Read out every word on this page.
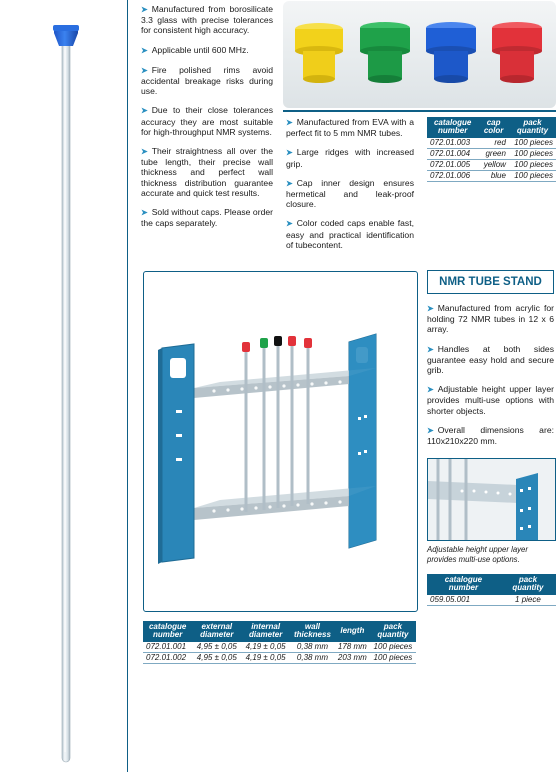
➤ Manufactured from borosilicate 3.3 glass with precise tolerances for consistent high accuracy.

➤ Applicable until 600 MHz.

➤ Fire polished rims avoid accidental breakage risks during use.

➤ Due to their close tolerances accuracy they are most suitable for high-throughput NMR systems.

➤ Their straightness all over the tube length, their precise wall thickness and perfect wall thickness distribution guarantee accurate and quick test results.

➤ Sold without caps. Please order the caps separately.

➤ Manufactured from EVA with a perfect fit to 5 mm NMR tubes.

➤ Large ridges with increased grip.

➤ Cap inner design ensures hermetical and leak-proof closure.

➤ Color coded caps enable fast, easy and practical identification of tubecontent.

catalogue number	cap color	pack quantity
072.01.003	red	100 pieces
072.01.004	green	100 pieces
072.01.005	yellow	100 pieces
072.01.006	blue	100 pieces
NMR TUBE STAND

➤ Manufactured from acrylic for holding 72 NMR tubes in 12 x 6 array.

➤ Handles at both sides guarantee easy hold and secure grib.

➤ Adjustable height upper layer provides multi-use options with shorter objects.

➤ Overall dimensions are: 110x210x220 mm.

Adjustable height upper layer provides multi-use options.
catalogue number	pack quantity
059.05.001	1 piece
catalogue number	external diameter	internal diameter	wall thickness	length	pack quantity
072.01.001	4,95 ± 0,05	4,19 ± 0,05	0,38 mm	178 mm	100 pieces
072.01.002	4,95 ± 0,05	4,19 ± 0,05	0,38 mm	203 mm	100 pieces
